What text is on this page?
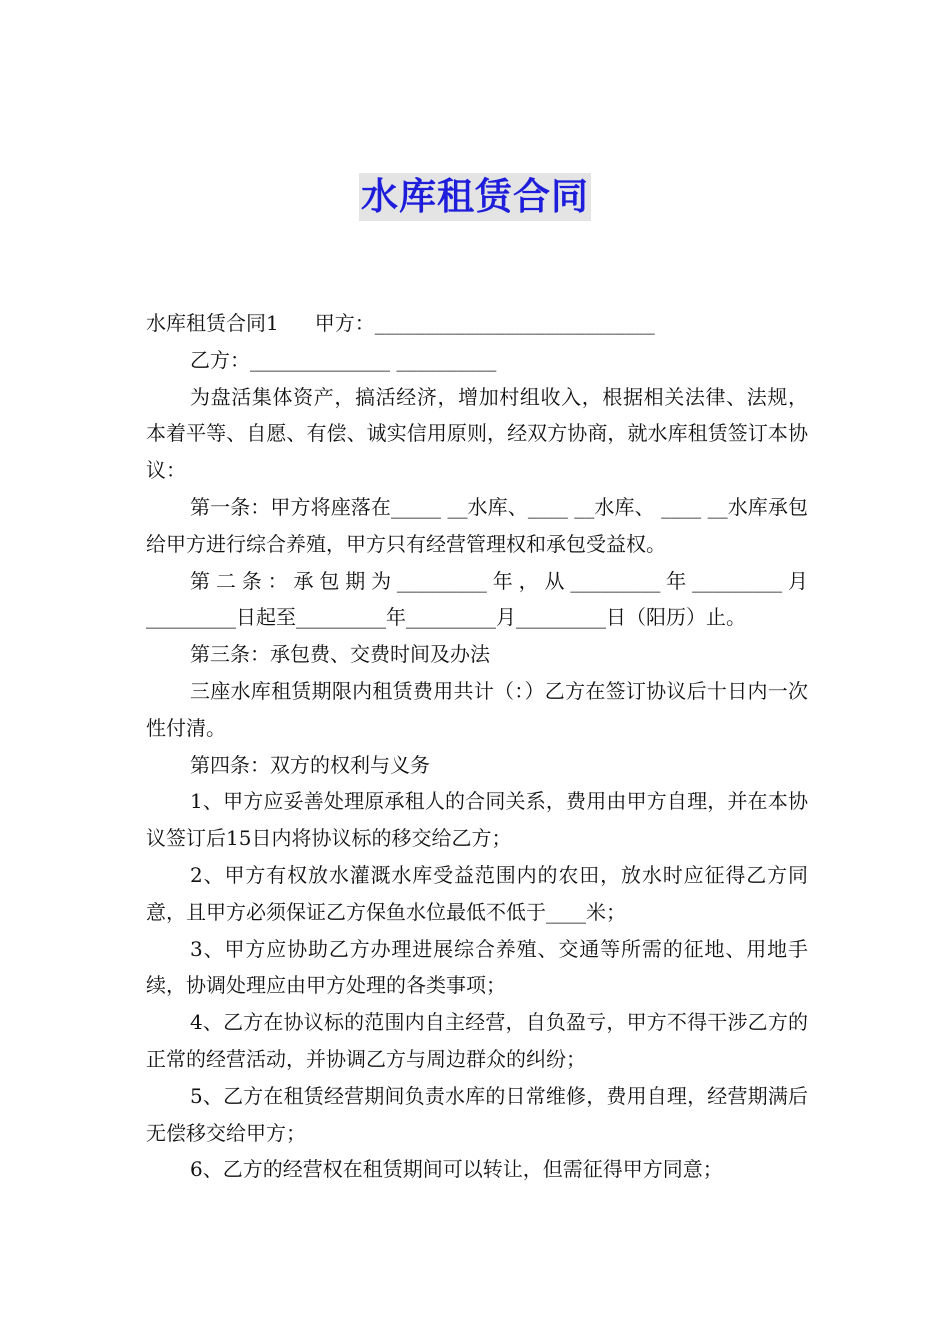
水库租赁合同

水库租赁合同1 甲方：____________________________

乙方：______________ __________

为盘活集体资产，搞活经济，增加村组收入，根据相关法律、法规，本着平等、自愿、有偿、诚实信用原则，经双方协商，就水库租赁签订本协议：

第一条：甲方将座落在_____ __水库、____ __水库、 ____ __水库承包给甲方进行综合养殖，甲方只有经营管理权和承包受益权。

第二条：承包期为_________年，从_________年_________月_________日起至_________年_________月_________日（阳历）止。

第三条：承包费、交费时间及办法

三座水库租赁期限内租赁费用共计（：）乙方在签订协议后十日内一次性付清。

第四条：双方的权利与义务

1、甲方应妥善处理原承租人的合同关系，费用由甲方自理，并在本协议签订后15日内将协议标的移交给乙方；

2、甲方有权放水灌溉水库受益范围内的农田，放水时应征得乙方同意，且甲方必须保证乙方保鱼水位最低不低于____米；

3、甲方应协助乙方办理进展综合养殖、交通等所需的征地、用地手续，协调处理应由甲方处理的各类事项；

4、乙方在协议标的范围内自主经营，自负盈亏，甲方不得干涉乙方的正常的经营活动，并协调乙方与周边群众的纠纷；

5、乙方在租赁经营期间负责水库的日常维修，费用自理，经营期满后无偿移交给甲方；

6、乙方的经营权在租赁期间可以转让，但需征得甲方同意；
